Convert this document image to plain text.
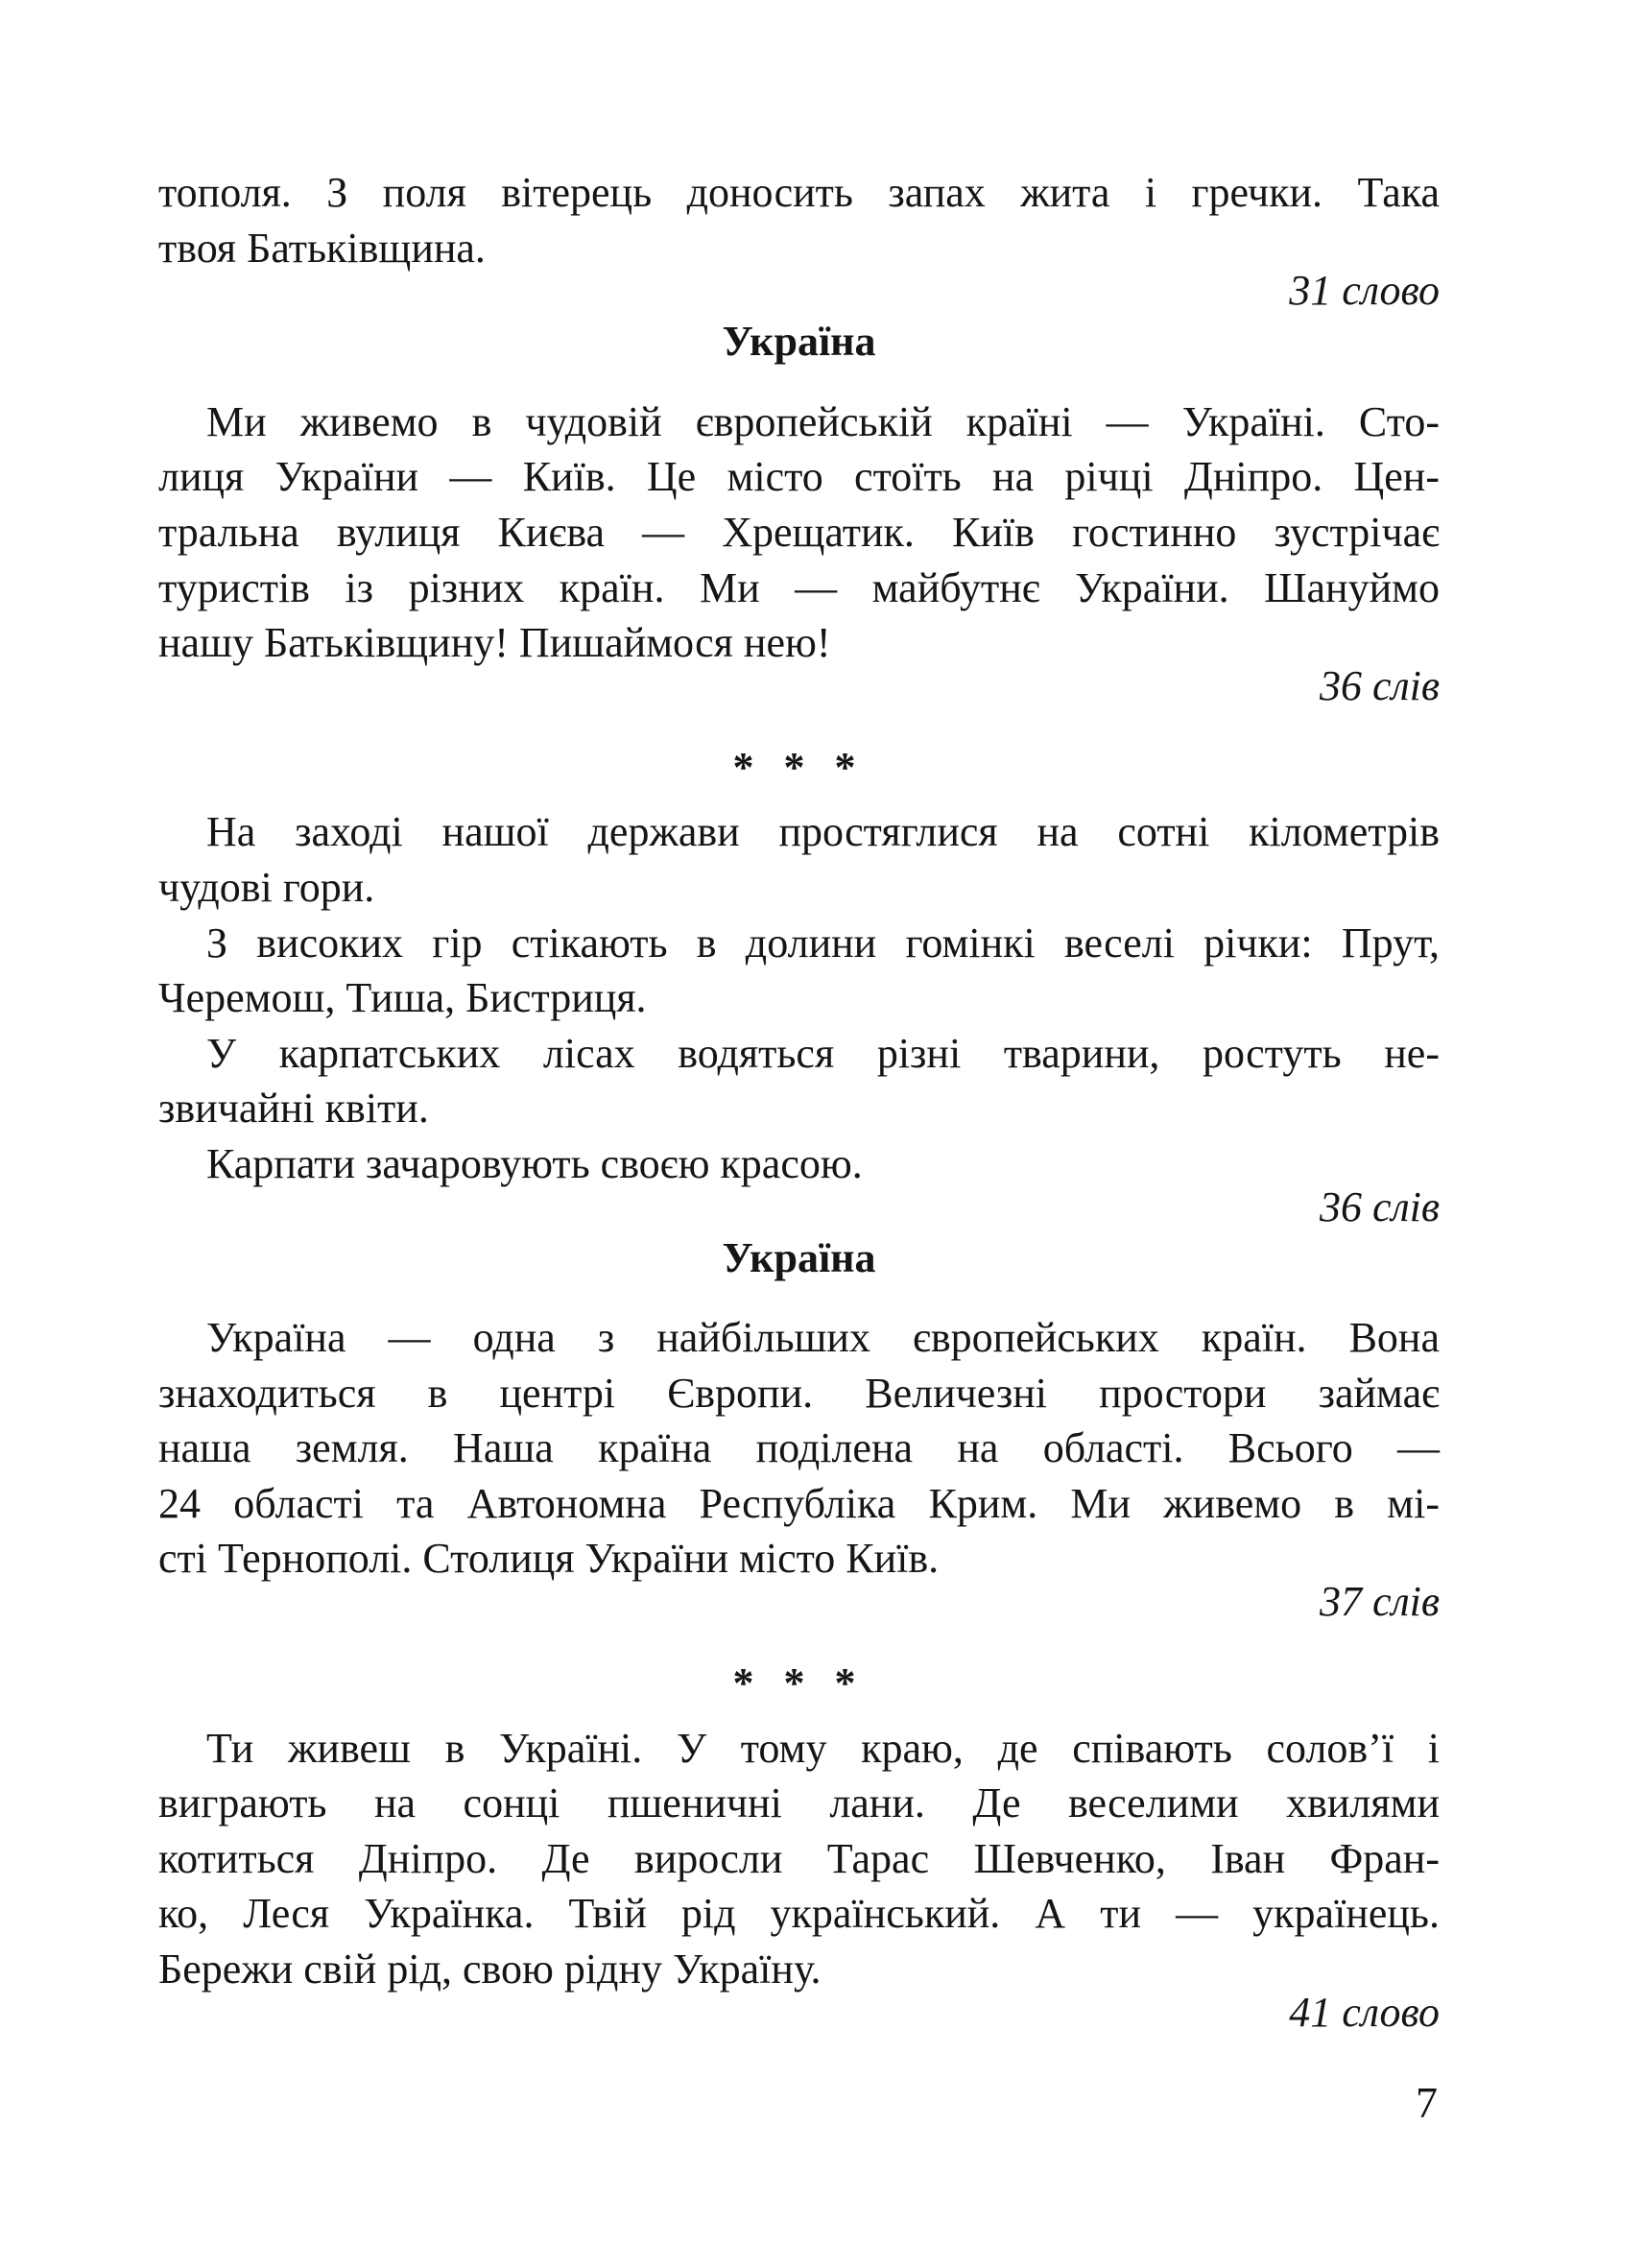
тополя. З поля вітерець доносить запах жита і гречки. Така
твоя Батьківщина.
31 слово
Україна
Ми живемо в чудовій європейській країні — Україні. Сто-
лиця України — Київ. Це місто стоїть на річці Дніпро. Цен-
тральна вулиця Києва — Хрещатик. Київ гостинно зустрічає
туристів із різних країн. Ми — майбутнє України. Шануймо
нашу Батьківщину! Пишаймося нею!
36 слів
* * *
На заході нашої держави простяглися на сотні кілометрів
чудові гори.
З високих гір стікають в долини гомінкі веселі річки: Прут,
Черемош, Тиша, Бистриця.
У карпатських лісах водяться різні тварини, ростуть не-
звичайні квіти.
Карпати зачаровують своєю красою.
36 слів
Україна
Україна — одна з найбільших європейських країн. Вона
знаходиться в центрі Європи. Величезні простори займає
наша земля. Наша країна поділена на області. Всього —
24 області та Автономна Республіка Крим. Ми живемо в мі-
сті Тернополі. Столиця України місто Київ.
37 слів
* * *
Ти живеш в Україні. У тому краю, де співають солов’ї і
виграють на сонці пшеничні лани. Де веселими хвилями
котиться Дніпро. Де виросли Тарас Шевченко, Іван Фран-
ко, Леся Українка. Твій рід український. А ти — українець.
Бережи свій рід, свою рідну Україну.
41 слово
7
